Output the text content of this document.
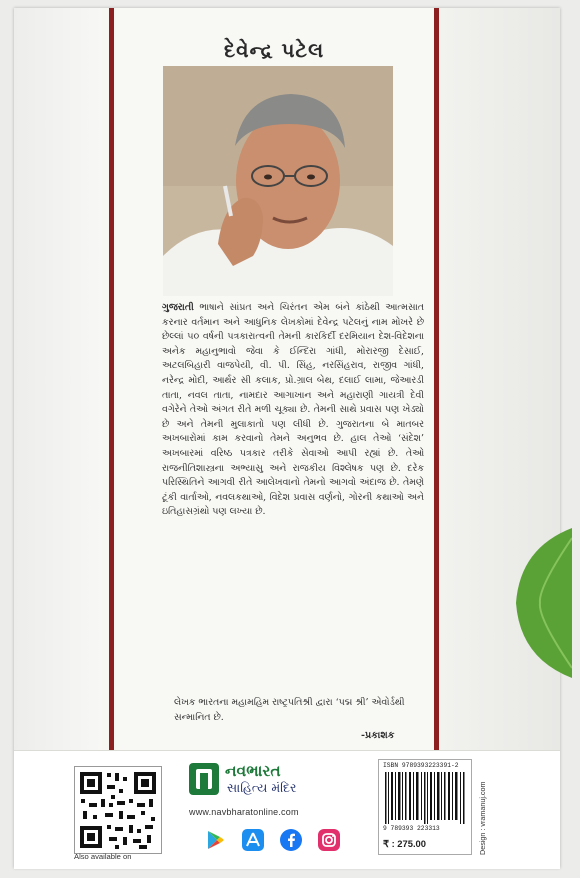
દેવેન્દ્ર પટેલ

ગુજરાતી ભાષાને સાંપ્રત અને ચિરંતન એમ બંને કાંઠેથી આત્મસાત કરનાર વર્તમાન અને આધુનિક લેખકોમાં દેવેન્દ્ર પટેલનું નામ મોખરે છે છેલ્લાં ૫૦ વર્ષની પત્રકારાત્વની તેમની કારકિર્દી દરમિયાન દેશ-વિદેશના અનેક મહાનુભાવો જેવા કે ઈન્દિરા ગાંધી, મોરારજી દેસાઈ, અટલબિહારી વાજપેયી, વી. પી. સિંહ, નરસિંહરાવ, રાજીવ ગાંધી, નરેન્દ્ર મોદી, આર્થર સી કલાક, પ્રો.ગ્રાલ બેથ, દલાઈ લામા, જેઆરડી તાતા, નવલ તાતા, નામદાર આગાખાન અને મહારાણી ગાયત્રી દેવી વગેરેને તેઓ અંગત રીતે મળી ચૂક્યા છે. તેમની સાથે પ્રવાસ પણ ખેડ્યો છે અને તેમની મુલાકાતો પણ લીધી છે. ગુજરાતના બે માતબર અખબારોમાં કામ કરવાનો તેમને અનુભવ છે. હાલ તેઓ ‘સંદેશ’ અખબારમાં વરિષ્ઠ પત્રકાર તરીકે સેવાઓ આપી રહ્યાં છે. તેઓ રાજનીતિશાસ્ત્રના અભ્યાસુ અને રાજકીય વિશ્લેષક પણ છે. દરેક પરિસ્થિતિને આગવી રીતે આલેખવાનો તેમનો આગવો અંદાજ છે. તેમણે ટૂંકી વાર્તાઓ, નવલકથાઓ, વિદેશ પ્રવાસ વર્ણનો, ગોરની કથાઓ અને ઇતિહાસગ્રંથો પણ લખ્યા છે.

લેખક ભારતના મહામહિમ રાષ્ટ્રપતિશ્રી દ્વારા ‘પદ્મ શ્રી’ એવોર્ડથી સન્માનિત છે.

-પ્રકાશક
Also available on
નવભારત
સાહિત્ય મંદિર
www.navbharatonline.com
ISBN 9789393223391-2
9 789393 223313
₹ : 275.00	Design : vramanuj.com
